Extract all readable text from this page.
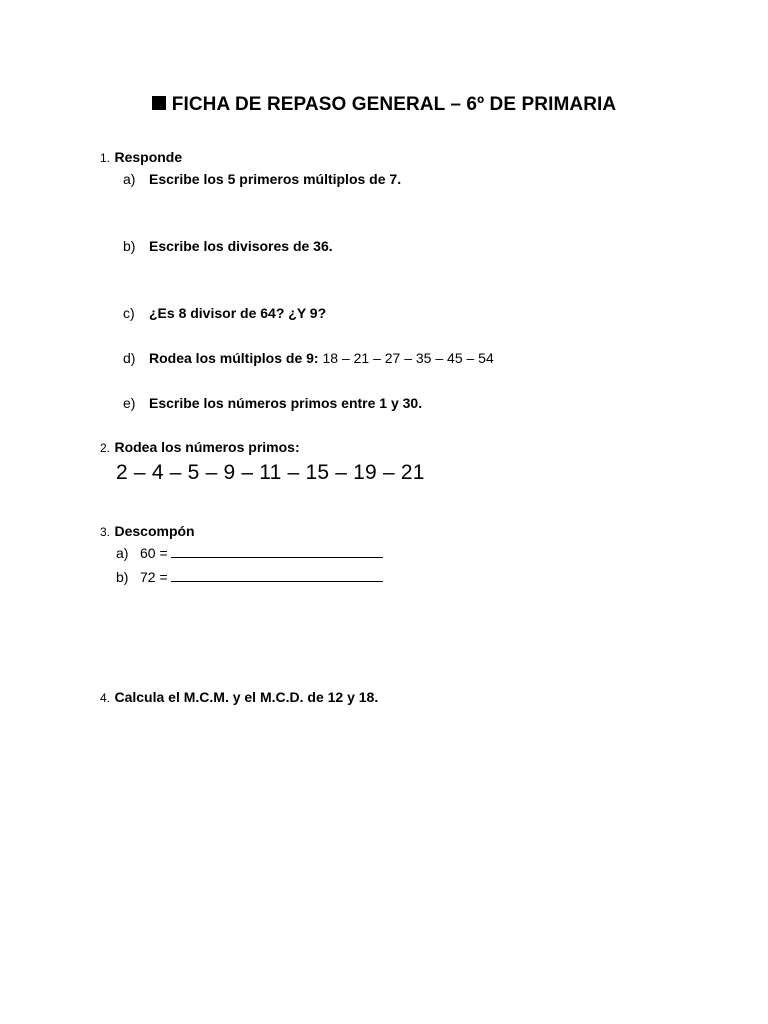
FICHA DE REPASO GENERAL – 6º DE PRIMARIA
1. Responde
a) Escribe los 5 primeros múltiplos de 7.
b) Escribe los divisores de 36.
c) ¿Es 8 divisor de 64? ¿Y 9?
d) Rodea los múltiplos de 9: 18 – 21 – 27 – 35 – 45 – 54
e) Escribe los números primos entre 1 y 30.
2. Rodea los números primos:
2 – 4 – 5 – 9 – 11 – 15 – 19 – 21
3. Descompón
a) 60 =
b) 72 =
4. Calcula el M.C.M. y el M.C.D. de 12 y 18.
